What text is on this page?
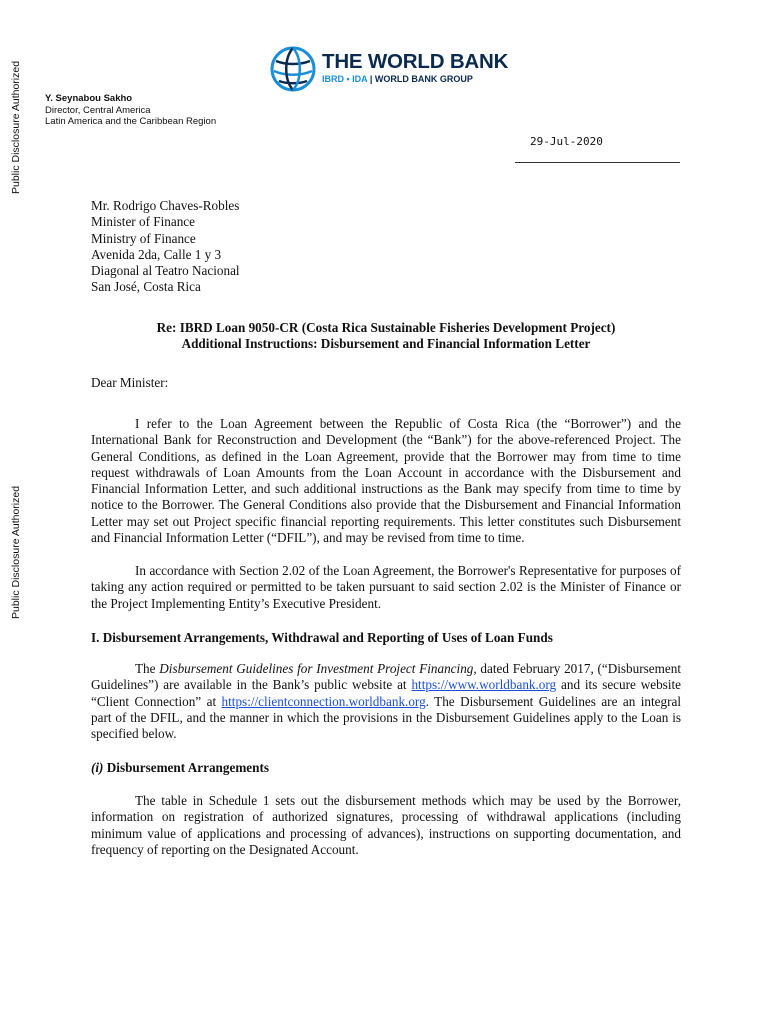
Public Disclosure Authorized
Public Disclosure Authorized
THE WORLD BANK
IBRD • IDA | WORLD BANK GROUP
Y. Seynabou Sakho
Director, Central America
Latin America and the Caribbean Region
29-Jul-2020
Mr. Rodrigo Chaves-Robles
Minister of Finance
Ministry of Finance
Avenida 2da, Calle 1 y 3
Diagonal al Teatro Nacional
San José, Costa Rica
Re: IBRD Loan 9050-CR (Costa Rica Sustainable Fisheries Development Project)
Additional Instructions: Disbursement and Financial Information Letter
Dear Minister:
I refer to the Loan Agreement between the Republic of Costa Rica (the “Borrower”) and the International Bank for Reconstruction and Development (the “Bank”) for the above-referenced Project. The General Conditions, as defined in the Loan Agreement, provide that the Borrower may from time to time request withdrawals of Loan Amounts from the Loan Account in accordance with the Disbursement and Financial Information Letter, and such additional instructions as the Bank may specify from time to time by notice to the Borrower. The General Conditions also provide that the Disbursement and Financial Information Letter may set out Project specific financial reporting requirements. This letter constitutes such Disbursement and Financial Information Letter (“DFIL”), and may be revised from time to time.
In accordance with Section 2.02 of the Loan Agreement, the Borrower's Representative for purposes of taking any action required or permitted to be taken pursuant to said section 2.02 is the Minister of Finance or the Project Implementing Entity’s Executive President.
I. Disbursement Arrangements, Withdrawal and Reporting of Uses of Loan Funds
The Disbursement Guidelines for Investment Project Financing, dated February 2017, (“Disbursement Guidelines”) are available in the Bank’s public website at https://www.worldbank.org and its secure website “Client Connection” at https://clientconnection.worldbank.org. The Disbursement Guidelines are an integral part of the DFIL, and the manner in which the provisions in the Disbursement Guidelines apply to the Loan is specified below.
(i) Disbursement Arrangements
The table in Schedule 1 sets out the disbursement methods which may be used by the Borrower, information on registration of authorized signatures, processing of withdrawal applications (including minimum value of applications and processing of advances), instructions on supporting documentation, and frequency of reporting on the Designated Account.
